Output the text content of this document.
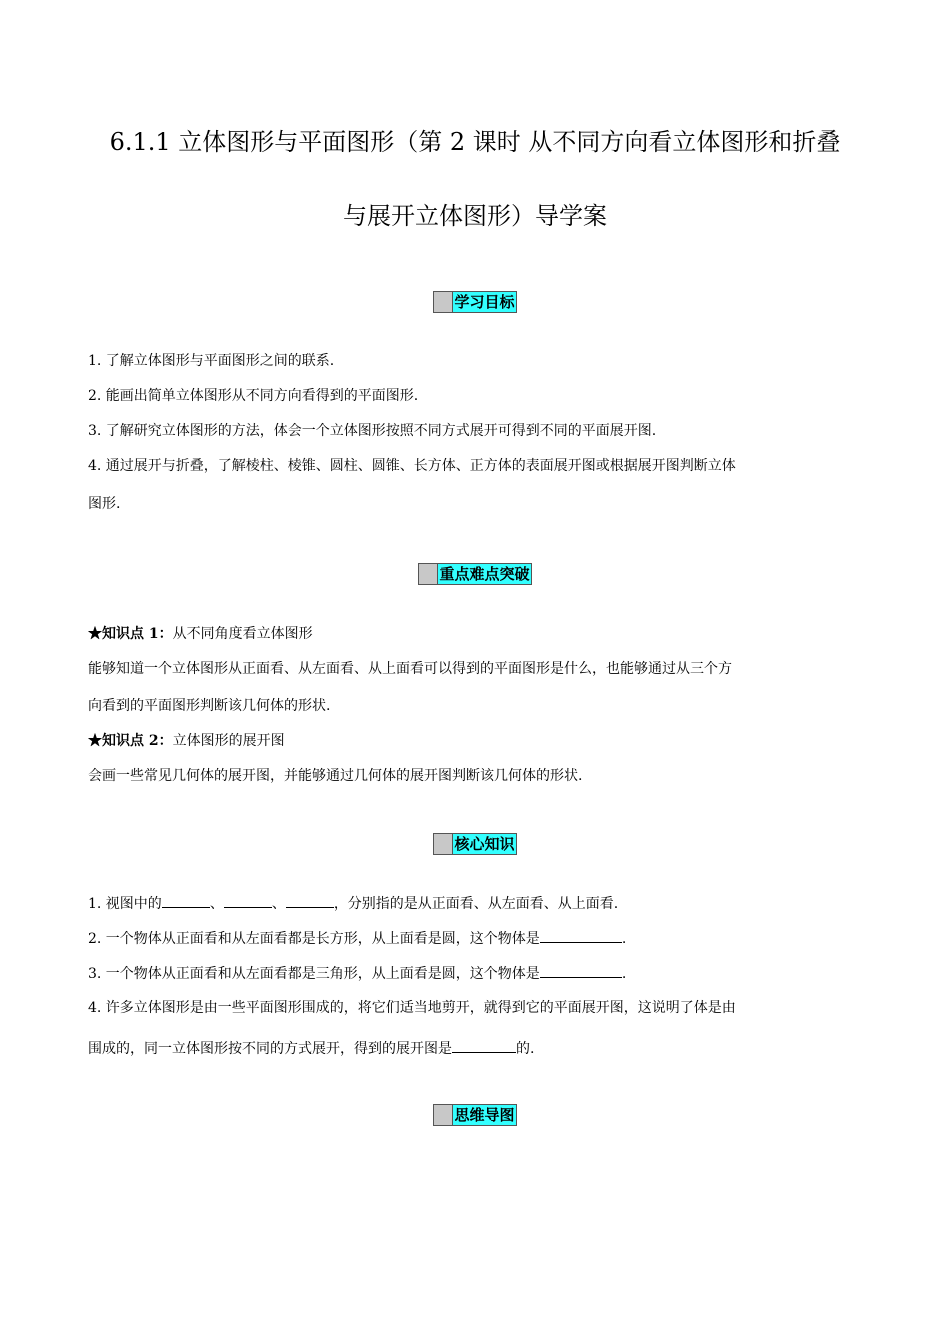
6.1.1 立体图形与平面图形（第 2 课时 从不同方向看立体图形和折叠
与展开立体图形）导学案
学习目标
1. 了解立体图形与平面图形之间的联系.
2. 能画出简单立体图形从不同方向看得到的平面图形.
3. 了解研究立体图形的方法，体会一个立体图形按照不同方式展开可得到不同的平面展开图.
4. 通过展开与折叠，了解棱柱、棱锥、圆柱、圆锥、长方体、正方体的表面展开图或根据展开图判断立体
图形.
重点难点突破
★知识点 1：从不同角度看立体图形
能够知道一个立体图形从正面看、从左面看、从上面看可以得到的平面图形是什么，也能够通过从三个方
向看到的平面图形判断该几何体的形状.
★知识点 2：立体图形的展开图
会画一些常见几何体的展开图，并能够通过几何体的展开图判断该几何体的形状.
核心知识
1. 视图中的	、	、	，分别指的是从正面看、从左面看、从上面看.
2. 一个物体从正面看和从左面看都是长方形，从上面看是圆，这个物体是	.
3. 一个物体从正面看和从左面看都是三角形，从上面看是圆，这个物体是	.
4. 许多立体图形是由一些平面图形围成的，将它们适当地剪开，就得到它的平面展开图，这说明了体是由
围成的，同一立体图形按不同的方式展开，得到的展开图是	的.
思维导图
